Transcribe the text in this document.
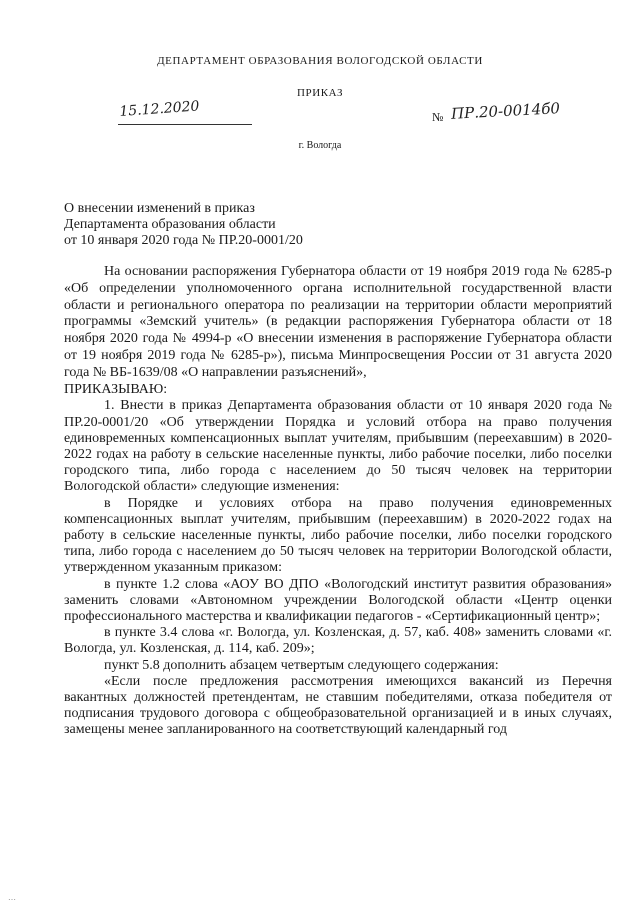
ДЕПАРТАМЕНТ ОБРАЗОВАНИЯ ВОЛОГОДСКОЙ ОБЛАСТИ
ПРИКАЗ
15.12.2020	№ ПР.20-0014б0
г. Вологда
О внесении изменений в приказ
Департамента образования области
от 10 января 2020 года № ПР.20-0001/20

На основании распоряжения Губернатора области от 19 ноября 2019 года № 6285-р «Об определении уполномоченного органа исполнительной государственной власти области и регионального оператора по реализации на территории области мероприятий программы «Земский учитель» (в редакции распоряжения Губернатора области от 18 ноября 2020 года № 4994-р «О внесении изменения в распоряжение Губернатора области от 19 ноября 2019 года № 6285-р»), письма Минпросвещения России от 31 августа 2020 года № ВБ-1639/08 «О направлении разъяснений»,

ПРИКАЗЫВАЮ:

1. Внести в приказ Департамента образования области от 10 января 2020 года № ПР.20-0001/20 «Об утверждении Порядка и условий отбора на право получения единовременных компенсационных выплат учителям, прибывшим (переехавшим) в 2020-2022 годах на работу в сельские населенные пункты, либо рабочие поселки, либо поселки городского типа, либо города с населением до 50 тысяч человек на территории Вологодской области» следующие изменения:

в Порядке и условиях отбора на право получения единовременных компенсационных выплат учителям, прибывшим (переехавшим) в 2020-2022 годах на работу в сельские населенные пункты, либо рабочие поселки, либо поселки городского типа, либо города с населением до 50 тысяч человек на территории Вологодской области, утвержденном указанным приказом:

в пункте 1.2 слова «АОУ ВО ДПО «Вологодский институт развития образования» заменить словами «Автономном учреждении Вологодской области «Центр оценки профессионального мастерства и квалификации педагогов - «Сертификационный центр»;

в пункте 3.4 слова «г. Вологда, ул. Козленская, д. 57, каб. 408» заменить словами «г. Вологда, ул. Козленская, д. 114, каб. 209»;

пункт 5.8 дополнить абзацем четвертым следующего содержания:

«Если после предложения рассмотрения имеющихся вакансий из Перечня вакантных должностей претендентам, не ставшим победителями, отказа победителя от подписания трудового договора с общеобразовательной организацией и в иных случаях, замещены менее запланированного на соответствующий календарный год

…
